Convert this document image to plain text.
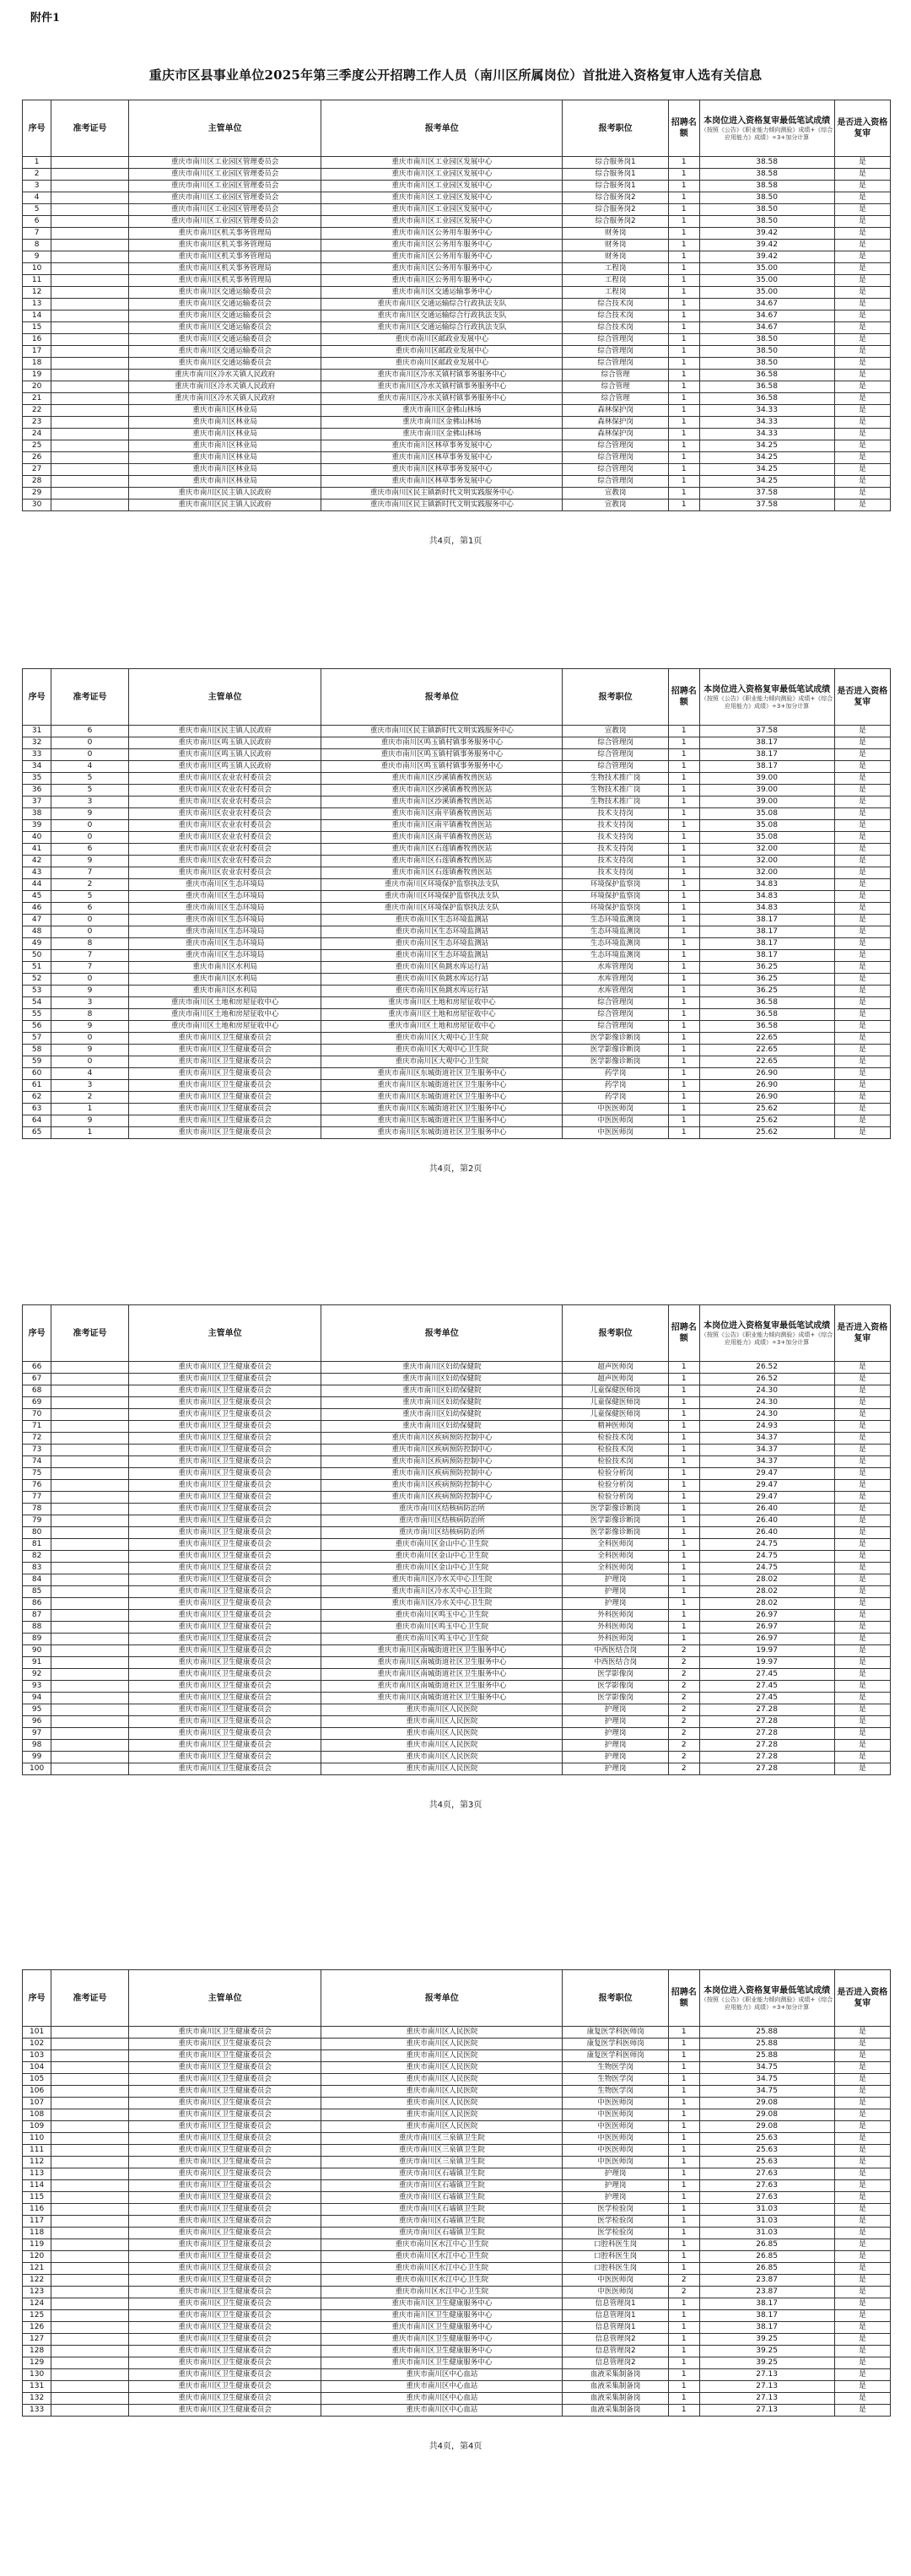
附件1
重庆市区县事业单位2025年第三季度公开招聘工作人员（南川区所属岗位）首批进入资格复审人选有关信息
序号	准考证号	主管单位	报考单位	报考职位	招聘名额	本岗位进入资格复审最低笔试成绩
（按照《公告》《职业能力倾向测验》成绩+《综合应用能力》成绩）÷3+加分计算	是否进入资格复审
1		重庆市南川区工业园区管理委员会	重庆市南川区工业园区发展中心	综合服务岗1	1	38.58	是
2		重庆市南川区工业园区管理委员会	重庆市南川区工业园区发展中心	综合服务岗1	1	38.58	是
3		重庆市南川区工业园区管理委员会	重庆市南川区工业园区发展中心	综合服务岗1	1	38.58	是
4		重庆市南川区工业园区管理委员会	重庆市南川区工业园区发展中心	综合服务岗2	1	38.50	是
5		重庆市南川区工业园区管理委员会	重庆市南川区工业园区发展中心	综合服务岗2	1	38.50	是
6		重庆市南川区工业园区管理委员会	重庆市南川区工业园区发展中心	综合服务岗2	1	38.50	是
7		重庆市南川区机关事务管理局	重庆市南川区公务用车服务中心	财务岗	1	39.42	是
8		重庆市南川区机关事务管理局	重庆市南川区公务用车服务中心	财务岗	1	39.42	是
9		重庆市南川区机关事务管理局	重庆市南川区公务用车服务中心	财务岗	1	39.42	是
10		重庆市南川区机关事务管理局	重庆市南川区公务用车服务中心	工程岗	1	35.00	是
11		重庆市南川区机关事务管理局	重庆市南川区公务用车服务中心	工程岗	1	35.00	是
12		重庆市南川区交通运输委员会	重庆市南川区交通运输事务中心	工程岗	1	35.00	是
13		重庆市南川区交通运输委员会	重庆市南川区交通运输综合行政执法支队	综合技术岗	1	34.67	是
14		重庆市南川区交通运输委员会	重庆市南川区交通运输综合行政执法支队	综合技术岗	1	34.67	是
15		重庆市南川区交通运输委员会	重庆市南川区交通运输综合行政执法支队	综合技术岗	1	34.67	是
16		重庆市南川区交通运输委员会	重庆市南川区邮政业发展中心	综合管理岗	1	38.50	是
17		重庆市南川区交通运输委员会	重庆市南川区邮政业发展中心	综合管理岗	1	38.50	是
18		重庆市南川区交通运输委员会	重庆市南川区邮政业发展中心	综合管理岗	1	38.50	是
19		重庆市南川区冷水关镇人民政府	重庆市南川区冷水关镇村镇事务服务中心	综合管理	1	36.58	是
20		重庆市南川区冷水关镇人民政府	重庆市南川区冷水关镇村镇事务服务中心	综合管理	1	36.58	是
21		重庆市南川区冷水关镇人民政府	重庆市南川区冷水关镇村镇事务服务中心	综合管理	1	36.58	是
22		重庆市南川区林业局	重庆市南川区金佛山林场	森林保护岗	1	34.33	是
23		重庆市南川区林业局	重庆市南川区金佛山林场	森林保护岗	1	34.33	是
24		重庆市南川区林业局	重庆市南川区金佛山林场	森林保护岗	1	34.33	是
25		重庆市南川区林业局	重庆市南川区林草事务发展中心	综合管理岗	1	34.25	是
26		重庆市南川区林业局	重庆市南川区林草事务发展中心	综合管理岗	1	34.25	是
27		重庆市南川区林业局	重庆市南川区林草事务发展中心	综合管理岗	1	34.25	是
28		重庆市南川区林业局	重庆市南川区林草事务发展中心	综合管理岗	1	34.25	是
29		重庆市南川区民主镇人民政府	重庆市南川区民主镇新时代文明实践服务中心	宣教岗	1	37.58	是
30		重庆市南川区民主镇人民政府	重庆市南川区民主镇新时代文明实践服务中心	宣教岗	1	37.58	是
共4页，第1页
序号	准考证号	主管单位	报考单位	报考职位	招聘名额	本岗位进入资格复审最低笔试成绩
（按照《公告》《职业能力倾向测验》成绩+《综合应用能力》成绩）÷3+加分计算	是否进入资格复审
31	6	重庆市南川区民主镇人民政府	重庆市南川区民主镇新时代文明实践服务中心	宣教岗	1	37.58	是
32	0	重庆市南川区鸣玉镇人民政府	重庆市南川区鸣玉镇村镇事务服务中心	综合管理岗	1	38.17	是
33	0	重庆市南川区鸣玉镇人民政府	重庆市南川区鸣玉镇村镇事务服务中心	综合管理岗	1	38.17	是
34	4	重庆市南川区鸣玉镇人民政府	重庆市南川区鸣玉镇村镇事务服务中心	综合管理岗	1	38.17	是
35	5	重庆市南川区农业农村委员会	重庆市南川区沙溪镇畜牧兽医站	生物技术推广岗	1	39.00	是
36	5	重庆市南川区农业农村委员会	重庆市南川区沙溪镇畜牧兽医站	生物技术推广岗	1	39.00	是
37	3	重庆市南川区农业农村委员会	重庆市南川区沙溪镇畜牧兽医站	生物技术推广岗	1	39.00	是
38	9	重庆市南川区农业农村委员会	重庆市南川区南平镇畜牧兽医站	技术支持岗	1	35.08	是
39	0	重庆市南川区农业农村委员会	重庆市南川区南平镇畜牧兽医站	技术支持岗	1	35.08	是
40	0	重庆市南川区农业农村委员会	重庆市南川区南平镇畜牧兽医站	技术支持岗	1	35.08	是
41	6	重庆市南川区农业农村委员会	重庆市南川区石莲镇畜牧兽医站	技术支持岗	1	32.00	是
42	9	重庆市南川区农业农村委员会	重庆市南川区石莲镇畜牧兽医站	技术支持岗	1	32.00	是
43	7	重庆市南川区农业农村委员会	重庆市南川区石莲镇畜牧兽医站	技术支持岗	1	32.00	是
44	2	重庆市南川区生态环境局	重庆市南川区环境保护监察执法支队	环境保护监察岗	1	34.83	是
45	5	重庆市南川区生态环境局	重庆市南川区环境保护监察执法支队	环境保护监察岗	1	34.83	是
46	6	重庆市南川区生态环境局	重庆市南川区环境保护监察执法支队	环境保护监察岗	1	34.83	是
47	0	重庆市南川区生态环境局	重庆市南川区生态环境监测站	生态环境监测岗	1	38.17	是
48	0	重庆市南川区生态环境局	重庆市南川区生态环境监测站	生态环境监测岗	1	38.17	是
49	8	重庆市南川区生态环境局	重庆市南川区生态环境监测站	生态环境监测岗	1	38.17	是
50	7	重庆市南川区生态环境局	重庆市南川区生态环境监测站	生态环境监测岗	1	38.17	是
51	7	重庆市南川区水利局	重庆市南川区鱼跳水库运行站	水库管理岗	1	36.25	是
52	0	重庆市南川区水利局	重庆市南川区鱼跳水库运行站	水库管理岗	1	36.25	是
53	9	重庆市南川区水利局	重庆市南川区鱼跳水库运行站	水库管理岗	1	36.25	是
54	3	重庆市南川区土地和房屋征收中心	重庆市南川区土地和房屋征收中心	综合管理岗	1	36.58	是
55	8	重庆市南川区土地和房屋征收中心	重庆市南川区土地和房屋征收中心	综合管理岗	1	36.58	是
56	9	重庆市南川区土地和房屋征收中心	重庆市南川区土地和房屋征收中心	综合管理岗	1	36.58	是
57	0	重庆市南川区卫生健康委员会	重庆市南川区大观中心卫生院	医学影像诊断岗	1	22.65	是
58	9	重庆市南川区卫生健康委员会	重庆市南川区大观中心卫生院	医学影像诊断岗	1	22.65	是
59	0	重庆市南川区卫生健康委员会	重庆市南川区大观中心卫生院	医学影像诊断岗	1	22.65	是
60	4	重庆市南川区卫生健康委员会	重庆市南川区东城街道社区卫生服务中心	药学岗	1	26.90	是
61	3	重庆市南川区卫生健康委员会	重庆市南川区东城街道社区卫生服务中心	药学岗	1	26.90	是
62	2	重庆市南川区卫生健康委员会	重庆市南川区东城街道社区卫生服务中心	药学岗	1	26.90	是
63	1	重庆市南川区卫生健康委员会	重庆市南川区东城街道社区卫生服务中心	中医医师岗	1	25.62	是
64	9	重庆市南川区卫生健康委员会	重庆市南川区东城街道社区卫生服务中心	中医医师岗	1	25.62	是
65	1	重庆市南川区卫生健康委员会	重庆市南川区东城街道社区卫生服务中心	中医医师岗	1	25.62	是
共4页，第2页
序号	准考证号	主管单位	报考单位	报考职位	招聘名额	本岗位进入资格复审最低笔试成绩
（按照《公告》《职业能力倾向测验》成绩+《综合应用能力》成绩）÷3+加分计算	是否进入资格复审
66		重庆市南川区卫生健康委员会	重庆市南川区妇幼保健院	超声医师岗	1	26.52	是
67		重庆市南川区卫生健康委员会	重庆市南川区妇幼保健院	超声医师岗	1	26.52	是
68		重庆市南川区卫生健康委员会	重庆市南川区妇幼保健院	儿童保健医师岗	1	24.30	是
69		重庆市南川区卫生健康委员会	重庆市南川区妇幼保健院	儿童保健医师岗	1	24.30	是
70		重庆市南川区卫生健康委员会	重庆市南川区妇幼保健院	儿童保健医师岗	1	24.30	是
71		重庆市南川区卫生健康委员会	重庆市南川区妇幼保健院	精神医师岗	1	24.93	是
72		重庆市南川区卫生健康委员会	重庆市南川区疾病预防控制中心	检验技术岗	1	34.37	是
73		重庆市南川区卫生健康委员会	重庆市南川区疾病预防控制中心	检验技术岗	1	34.37	是
74		重庆市南川区卫生健康委员会	重庆市南川区疾病预防控制中心	检验技术岗	1	34.37	是
75		重庆市南川区卫生健康委员会	重庆市南川区疾病预防控制中心	检验分析岗	1	29.47	是
76		重庆市南川区卫生健康委员会	重庆市南川区疾病预防控制中心	检验分析岗	1	29.47	是
77		重庆市南川区卫生健康委员会	重庆市南川区疾病预防控制中心	检验分析岗	1	29.47	是
78		重庆市南川区卫生健康委员会	重庆市南川区结核病防治所	医学影像诊断岗	1	26.40	是
79		重庆市南川区卫生健康委员会	重庆市南川区结核病防治所	医学影像诊断岗	1	26.40	是
80		重庆市南川区卫生健康委员会	重庆市南川区结核病防治所	医学影像诊断岗	1	26.40	是
81		重庆市南川区卫生健康委员会	重庆市南川区金山中心卫生院	全科医师岗	1	24.75	是
82		重庆市南川区卫生健康委员会	重庆市南川区金山中心卫生院	全科医师岗	1	24.75	是
83		重庆市南川区卫生健康委员会	重庆市南川区金山中心卫生院	全科医师岗	1	24.75	是
84		重庆市南川区卫生健康委员会	重庆市南川区冷水关中心卫生院	护理岗	1	28.02	是
85		重庆市南川区卫生健康委员会	重庆市南川区冷水关中心卫生院	护理岗	1	28.02	是
86		重庆市南川区卫生健康委员会	重庆市南川区冷水关中心卫生院	护理岗	1	28.02	是
87		重庆市南川区卫生健康委员会	重庆市南川区鸣玉中心卫生院	外科医师岗	1	26.97	是
88		重庆市南川区卫生健康委员会	重庆市南川区鸣玉中心卫生院	外科医师岗	1	26.97	是
89		重庆市南川区卫生健康委员会	重庆市南川区鸣玉中心卫生院	外科医师岗	1	26.97	是
90		重庆市南川区卫生健康委员会	重庆市南川区南城街道社区卫生服务中心	中西医结合岗	2	19.97	是
91		重庆市南川区卫生健康委员会	重庆市南川区南城街道社区卫生服务中心	中西医结合岗	2	19.97	是
92		重庆市南川区卫生健康委员会	重庆市南川区南城街道社区卫生服务中心	医学影像岗	2	27.45	是
93		重庆市南川区卫生健康委员会	重庆市南川区南城街道社区卫生服务中心	医学影像岗	2	27.45	是
94		重庆市南川区卫生健康委员会	重庆市南川区南城街道社区卫生服务中心	医学影像岗	2	27.45	是
95		重庆市南川区卫生健康委员会	重庆市南川区人民医院	护理岗	2	27.28	是
96		重庆市南川区卫生健康委员会	重庆市南川区人民医院	护理岗	2	27.28	是
97		重庆市南川区卫生健康委员会	重庆市南川区人民医院	护理岗	2	27.28	是
98		重庆市南川区卫生健康委员会	重庆市南川区人民医院	护理岗	2	27.28	是
99		重庆市南川区卫生健康委员会	重庆市南川区人民医院	护理岗	2	27.28	是
100		重庆市南川区卫生健康委员会	重庆市南川区人民医院	护理岗	2	27.28	是
共4页，第3页
序号	准考证号	主管单位	报考单位	报考职位	招聘名额	本岗位进入资格复审最低笔试成绩
（按照《公告》《职业能力倾向测验》成绩+《综合应用能力》成绩）÷3+加分计算	是否进入资格复审
101		重庆市南川区卫生健康委员会	重庆市南川区人民医院	康复医学科医师岗	1	25.88	是
102		重庆市南川区卫生健康委员会	重庆市南川区人民医院	康复医学科医师岗	1	25.88	是
103		重庆市南川区卫生健康委员会	重庆市南川区人民医院	康复医学科医师岗	1	25.88	是
104		重庆市南川区卫生健康委员会	重庆市南川区人民医院	生物医学岗	1	34.75	是
105		重庆市南川区卫生健康委员会	重庆市南川区人民医院	生物医学岗	1	34.75	是
106		重庆市南川区卫生健康委员会	重庆市南川区人民医院	生物医学岗	1	34.75	是
107		重庆市南川区卫生健康委员会	重庆市南川区人民医院	中医医师岗	1	29.08	是
108		重庆市南川区卫生健康委员会	重庆市南川区人民医院	中医医师岗	1	29.08	是
109		重庆市南川区卫生健康委员会	重庆市南川区人民医院	中医医师岗	1	29.08	是
110		重庆市南川区卫生健康委员会	重庆市南川区三泉镇卫生院	中医医师岗	1	25.63	是
111		重庆市南川区卫生健康委员会	重庆市南川区三泉镇卫生院	中医医师岗	1	25.63	是
112		重庆市南川区卫生健康委员会	重庆市南川区三泉镇卫生院	中医医师岗	1	25.63	是
113		重庆市南川区卫生健康委员会	重庆市南川区石墙镇卫生院	护理岗	1	27.63	是
114		重庆市南川区卫生健康委员会	重庆市南川区石墙镇卫生院	护理岗	1	27.63	是
115		重庆市南川区卫生健康委员会	重庆市南川区石墙镇卫生院	护理岗	1	27.63	是
116		重庆市南川区卫生健康委员会	重庆市南川区石墙镇卫生院	医学检验岗	1	31.03	是
117		重庆市南川区卫生健康委员会	重庆市南川区石墙镇卫生院	医学检验岗	1	31.03	是
118		重庆市南川区卫生健康委员会	重庆市南川区石墙镇卫生院	医学检验岗	1	31.03	是
119		重庆市南川区卫生健康委员会	重庆市南川区水江中心卫生院	口腔科医生岗	1	26.85	是
120		重庆市南川区卫生健康委员会	重庆市南川区水江中心卫生院	口腔科医生岗	1	26.85	是
121		重庆市南川区卫生健康委员会	重庆市南川区水江中心卫生院	口腔科医生岗	1	26.85	是
122		重庆市南川区卫生健康委员会	重庆市南川区水江中心卫生院	中医医师岗	2	23.87	是
123		重庆市南川区卫生健康委员会	重庆市南川区水江中心卫生院	中医医师岗	2	23.87	是
124		重庆市南川区卫生健康委员会	重庆市南川区卫生健康服务中心	信息管理岗1	1	38.17	是
125		重庆市南川区卫生健康委员会	重庆市南川区卫生健康服务中心	信息管理岗1	1	38.17	是
126		重庆市南川区卫生健康委员会	重庆市南川区卫生健康服务中心	信息管理岗1	1	38.17	是
127		重庆市南川区卫生健康委员会	重庆市南川区卫生健康服务中心	信息管理岗2	1	39.25	是
128		重庆市南川区卫生健康委员会	重庆市南川区卫生健康服务中心	信息管理岗2	1	39.25	是
129		重庆市南川区卫生健康委员会	重庆市南川区卫生健康服务中心	信息管理岗2	1	39.25	是
130		重庆市南川区卫生健康委员会	重庆市南川区中心血站	血液采集制备岗	1	27.13	是
131		重庆市南川区卫生健康委员会	重庆市南川区中心血站	血液采集制备岗	1	27.13	是
132		重庆市南川区卫生健康委员会	重庆市南川区中心血站	血液采集制备岗	1	27.13	是
133		重庆市南川区卫生健康委员会	重庆市南川区中心血站	血液采集制备岗	1	27.13	是
共4页，第4页
